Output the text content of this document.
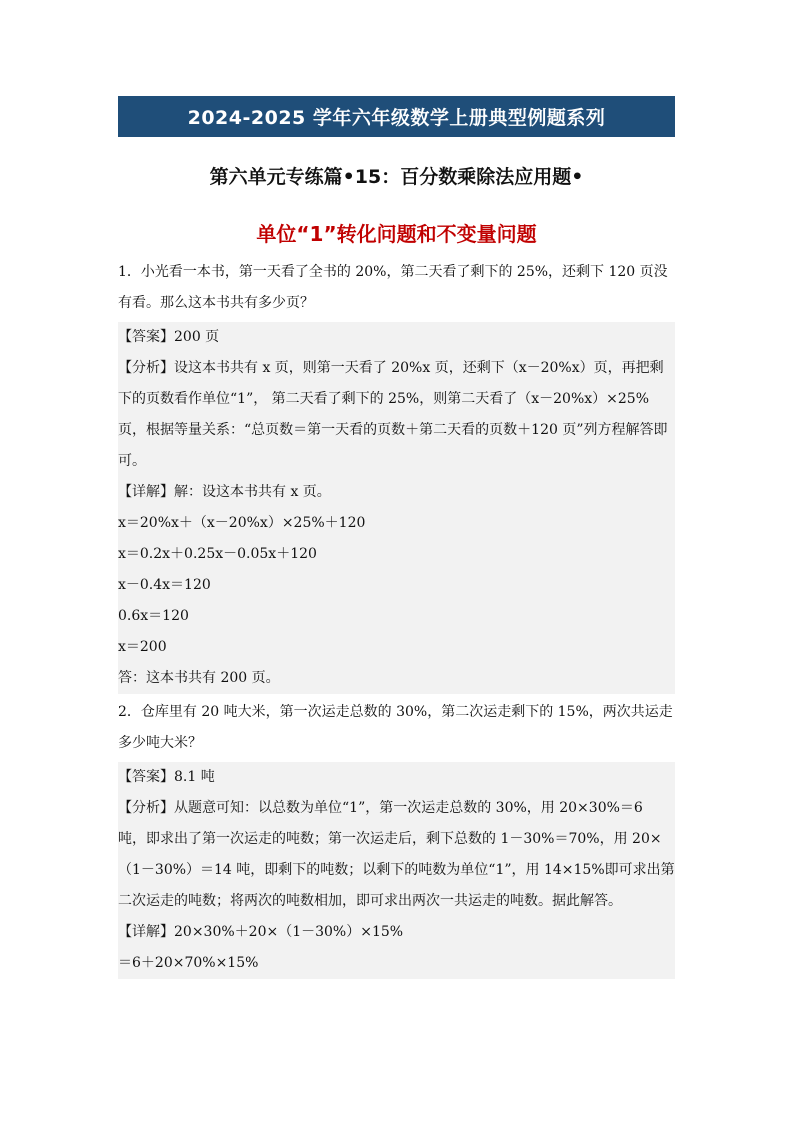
2024-2025 学年六年级数学上册典型例题系列
第六单元专练篇•15：百分数乘除法应用题•
单位“1”转化问题和不变量问题
1．小光看一本书，第一天看了全书的 20%，第二天看了剩下的 25%，还剩下 120 页没有看。那么这本书共有多少页？
【答案】200 页
【分析】设这本书共有 x 页，则第一天看了 20%x 页，还剩下（x－20%x）页，再把剩下的页数看作单位“1”， 第二天看了剩下的 25%，则第二天看了（x－20%x）×25%页，根据等量关系：“总页数＝第一天看的页数＋第二天看的页数＋120 页”列方程解答即可。
【详解】解：设这本书共有 x 页。
x＝20%x＋（x－20%x）×25%＋120
x＝0.2x＋0.25x－0.05x＋120
x－0.4x＝120
0.6x＝120
x＝200
答：这本书共有 200 页。
2．仓库里有 20 吨大米，第一次运走总数的 30%，第二次运走剩下的 15%，两次共运走多少吨大米？
【答案】8.1 吨
【分析】从题意可知：以总数为单位“1”，第一次运走总数的 30%，用 20×30%＝6 吨，即求出了第一次运走的吨数；第一次运走后，剩下总数的 1－30%＝70%，用 20×（1－30%）＝14 吨，即剩下的吨数；以剩下的吨数为单位“1”，用 14×15%即可求出第二次运走的吨数；将两次的吨数相加，即可求出两次一共运走的吨数。据此解答。
【详解】20×30%＋20×（1－30%）×15%
＝6＋20×70%×15%
